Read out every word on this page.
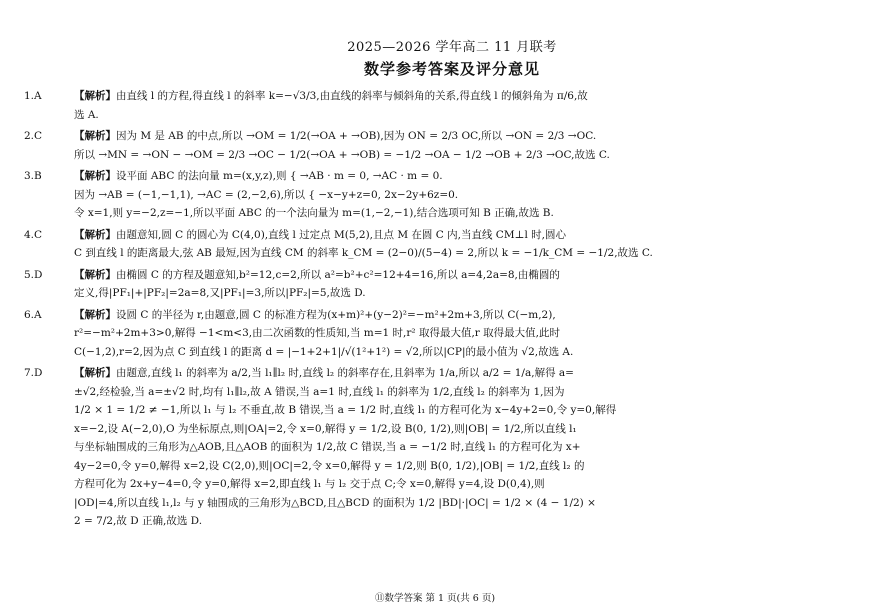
2025—2026 学年高二 11 月联考
数学参考答案及评分意见
1.A	【解析】由直线 l 的方程,得直线 l 的斜率 k=−√3/3,由直线的斜率与倾斜角的关系,得直线 l 的倾斜角为 π/6,故
选 A.
2.C	【解析】因为 M 是 AB 的中点,所以 →OM = 1/2(→OA + →OB),因为 ON = 2/3 OC,所以 →ON = 2/3 →OC.
所以 →MN = →ON − →OM = 2/3 →OC − 1/2(→OA + →OB) = −1/2 →OA − 1/2 →OB + 2/3 →OC,故选 C.
3.B	【解析】设平面 ABC 的法向量 m=(x,y,z),则 { →AB · m = 0, →AC · m = 0.
因为 →AB = (−1,−1,1), →AC = (2,−2,6),所以 { −x−y+z=0, 2x−2y+6z=0.
令 x=1,则 y=−2,z=−1,所以平面 ABC 的一个法向量为 m=(1,−2,−1),结合选项可知 B 正确,故选 B.
4.C	【解析】由题意知,圆 C 的圆心为 C(4,0),直线 l 过定点 M(5,2),且点 M 在圆 C 内,当直线 CM⊥l 时,圆心
C 到直线 l 的距离最大,弦 AB 最短,因为直线 CM 的斜率 k_CM = (2−0)/(5−4) = 2,所以 k = −1/k_CM = −1/2,故选 C.
5.D	【解析】由椭圆 C 的方程及题意知,b²=12,c=2,所以 a²=b²+c²=12+4=16,所以 a=4,2a=8,由椭圆的
定义,得|PF₁|+|PF₂|=2a=8,又|PF₁|=3,所以|PF₂|=5,故选 D.
6.A	【解析】设圆 C 的半径为 r,由题意,圆 C 的标准方程为(x+m)²+(y−2)²=−m²+2m+3,所以 C(−m,2),
r²=−m²+2m+3>0,解得 −1<m<3,由二次函数的性质知,当 m=1 时,r² 取得最大值,r 取得最大值,此时
C(−1,2),r=2,因为点 C 到直线 l 的距离 d = |−1+2+1|/√(1²+1²) = √2,所以|CP|的最小值为 √2,故选 A.
7.D	【解析】由题意,直线 l₁ 的斜率为 a/2,当 l₁∥l₂ 时,直线 l₂ 的斜率存在,且斜率为 1/a,所以 a/2 = 1/a,解得 a=
±√2,经检验,当 a=±√2 时,均有 l₁∥l₂,故 A 错误,当 a=1 时,直线 l₁ 的斜率为 1/2,直线 l₂ 的斜率为 1,因为
1/2 × 1 = 1/2 ≠ −1,所以 l₁ 与 l₂ 不垂直,故 B 错误,当 a = 1/2 时,直线 l₁ 的方程可化为 x−4y+2=0,令 y=0,解得
x=−2,设 A(−2,0),O 为坐标原点,则|OA|=2,令 x=0,解得 y = 1/2,设 B(0, 1/2),则|OB| = 1/2,所以直线 l₁
与坐标轴围成的三角形为△AOB,且△AOB 的面积为 1/2,故 C 错误,当 a = −1/2 时,直线 l₁ 的方程可化为 x+
4y−2=0,令 y=0,解得 x=2,设 C(2,0),则|OC|=2,令 x=0,解得 y = 1/2,则 B(0, 1/2),|OB| = 1/2,直线 l₂ 的
方程可化为 2x+y−4=0,令 y=0,解得 x=2,即直线 l₁ 与 l₂ 交于点 C;令 x=0,解得 y=4,设 D(0,4),则
|OD|=4,所以直线 l₁,l₂ 与 y 轴围成的三角形为△BCD,且△BCD 的面积为 1/2 |BD|·|OC| = 1/2 × (4 − 1/2) ×
2 = 7/2,故 D 正确,故选 D.
⑪数学答案 第 1 页(共 6 页)
